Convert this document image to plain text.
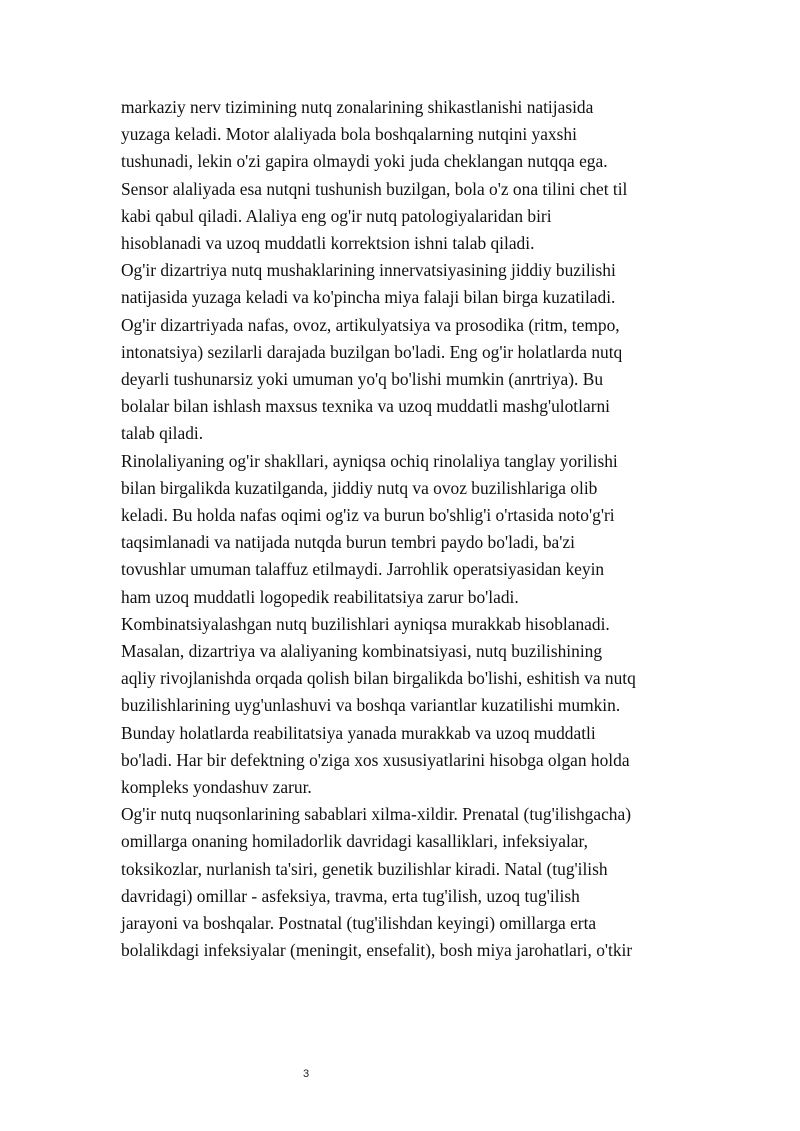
markaziy nerv tizimining nutq zonalarining shikastlanishi natijasida
yuzaga keladi. Motor alaliyada bola boshqalarning nutqini yaxshi
tushunadi, lekin o'zi gapira olmaydi yoki juda cheklangan nutqqa ega.
Sensor alaliyada esa nutqni tushunish buzilgan, bola o'z ona tilini chet til
kabi qabul qiladi. Alaliya eng og'ir nutq patologiyalaridan biri
hisoblanadi va uzoq muddatli korrektsion ishni talab qiladi.
Og'ir dizartriya nutq mushaklarining innervatsiyasining jiddiy buzilishi
natijasida yuzaga keladi va ko'pincha miya falaji bilan birga kuzatiladi.
Og'ir dizartriyada nafas, ovoz, artikulyatsiya va prosodika (ritm, tempo,
intonatsiya) sezilarli darajada buzilgan bo'ladi. Eng og'ir holatlarda nutq
deyarli tushunarsiz yoki umuman yo'q bo'lishi mumkin (anrtriya). Bu
bolalar bilan ishlash maxsus texnika va uzoq muddatli mashg'ulotlarni
talab qiladi.
Rinolaliyaning og'ir shakllari, ayniqsa ochiq rinolaliya tanglay yorilishi
bilan birgalikda kuzatilganda, jiddiy nutq va ovoz buzilishlariga olib
keladi. Bu holda nafas oqimi og'iz va burun bo'shlig'i o'rtasida noto'g'ri
taqsimlanadi va natijada nutqda burun tembri paydo bo'ladi, ba'zi
tovushlar umuman talaffuz etilmaydi. Jarrohlik operatsiyasidan keyin
ham uzoq muddatli logopedik reabilitatsiya zarur bo'ladi.
Kombinatsiyalashgan nutq buzilishlari ayniqsa murakkab hisoblanadi.
Masalan, dizartriya va alaliyaning kombinatsiyasi, nutq buzilishining
aqliy rivojlanishda orqada qolish bilan birgalikda bo'lishi, eshitish va nutq
buzilishlarining uyg'unlashuvi va boshqa variantlar kuzatilishi mumkin.
Bunday holatlarda reabilitatsiya yanada murakkab va uzoq muddatli
bo'ladi. Har bir defektning o'ziga xos xususiyatlarini hisobga olgan holda
kompleks yondashuv zarur.
Og'ir nutq nuqsonlarining sabablari xilma-xildir. Prenatal (tug'ilishgacha)
omillarga onaning homiladorlik davridagi kasalliklari, infeksiyalar,
toksikozlar, nurlanish ta'siri, genetik buzilishlar kiradi. Natal (tug'ilish
davridagi) omillar - asfeksiya, travma, erta tug'ilish, uzoq tug'ilish
jarayoni va boshqalar. Postnatal (tug'ilishdan keyingi) omillarga erta
bolalikdagi infeksiyalar (meningit, ensefalit), bosh miya jarohatlari, o'tkir
3
